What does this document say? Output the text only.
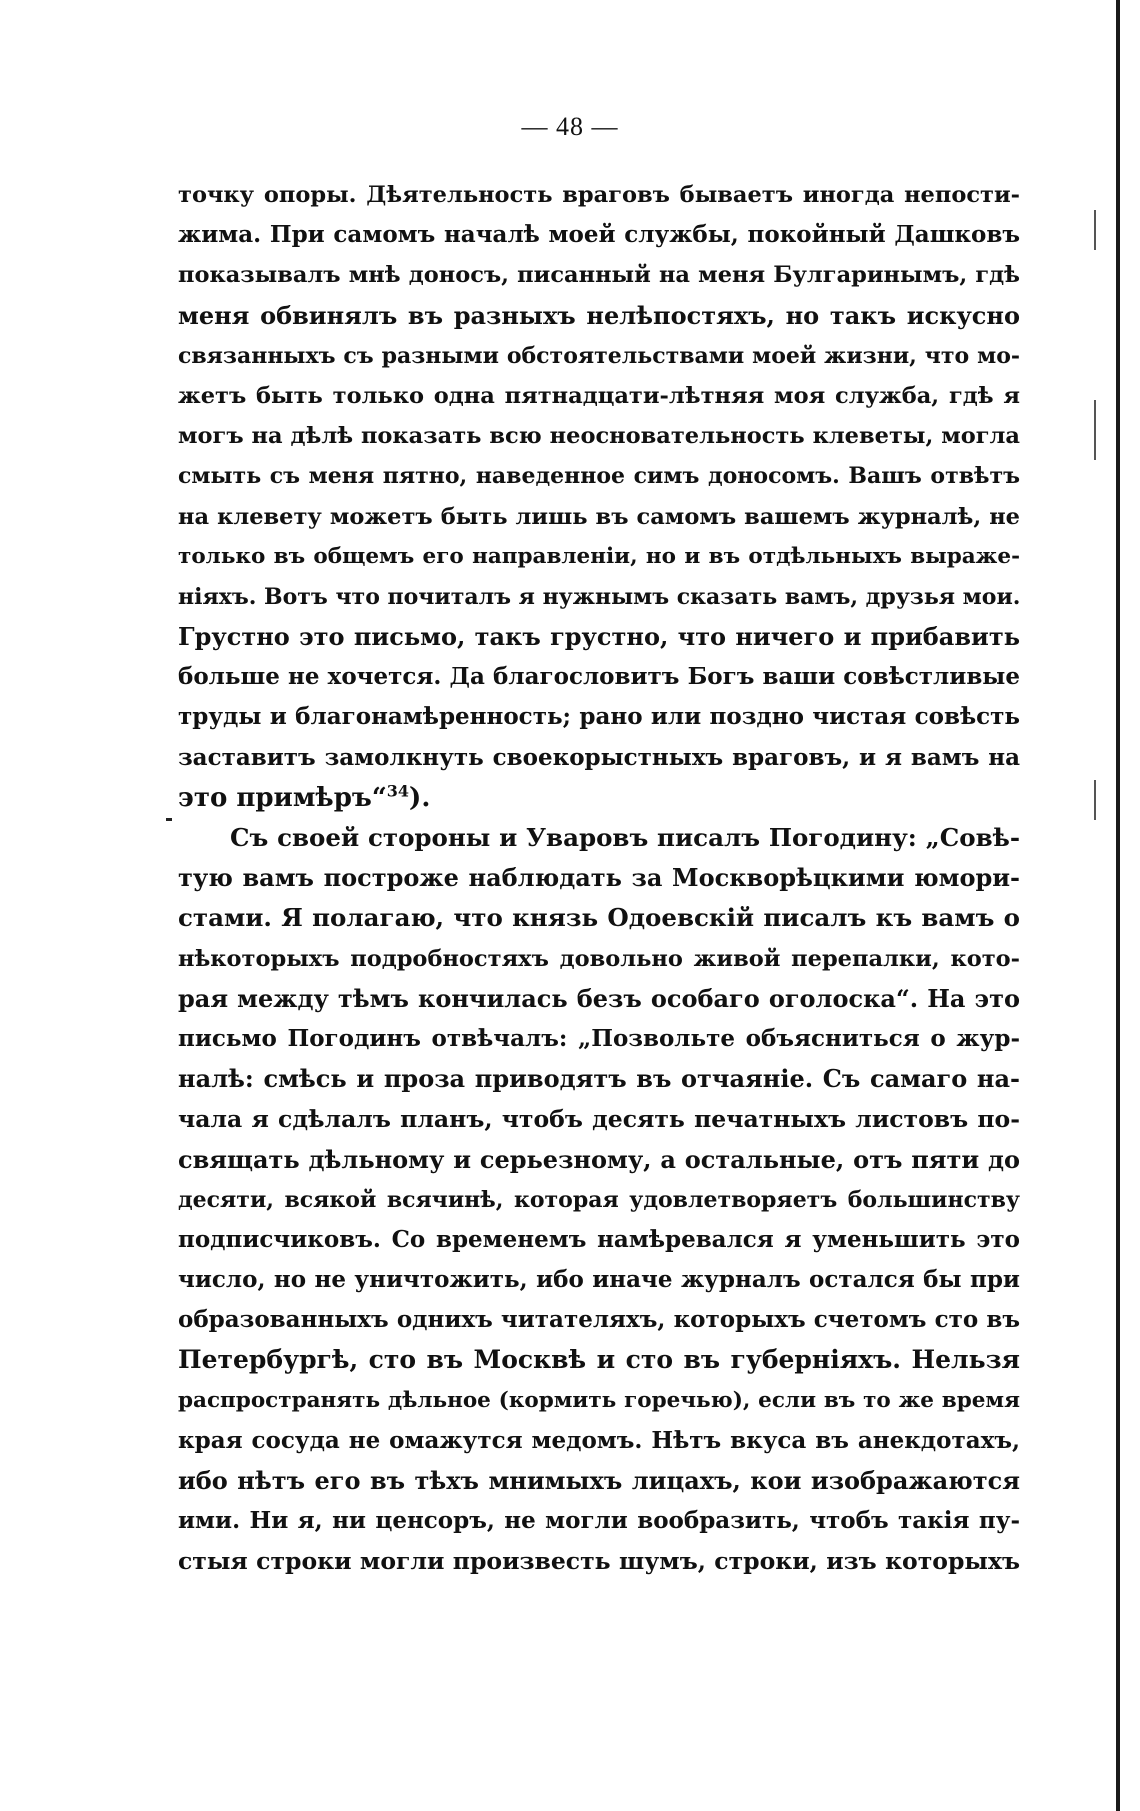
— 48 —
точку опоры. Дѣятельность враговъ бываетъ иногда непости-
жима. При самомъ началѣ моей службы, покойный Дашковъ
показывалъ мнѣ доносъ, писанный на меня Булгаринымъ, гдѣ
меня обвинялъ въ разныхъ нелѣпостяхъ, но такъ искусно
связанныхъ съ разными обстоятельствами моей жизни, что мо-
жетъ быть только одна пятнадцати-лѣтняя моя служба, гдѣ я
могъ на дѣлѣ показать всю неосновательность клеветы, могла
смыть съ меня пятно, наведенное симъ доносомъ. Вашъ отвѣтъ
на клевету можетъ быть лишь въ самомъ вашемъ журналѣ, не
только въ общемъ его направленіи, но и въ отдѣльныхъ выраже-
ніяхъ. Вотъ что почиталъ я нужнымъ сказать вамъ, друзья мои.
Грустно это письмо, такъ грустно, что ничего и прибавить
больше не хочется. Да благословитъ Богъ ваши совѣстливые
труды и благонамѣренность; рано или поздно чистая совѣсть
заставитъ замолкнуть своекорыстныхъ враговъ, и я вамъ на
это примѣръ“$^{34}$).
Съ своей стороны и Уваровъ писалъ Погодину: „Совѣ-
тую вамъ построже наблюдать за Москворѣцкими юмори-
стами. Я полагаю, что князь Одоевскій писалъ къ вамъ о
нѣкоторыхъ подробностяхъ довольно живой перепалки, кото-
рая между тѣмъ кончилась безъ особаго оголоска“. На это
письмо Погодинъ отвѣчалъ: „Позвольте объясниться о жур-
налѣ: смѣсь и проза приводятъ въ отчаяніе. Съ самаго на-
чала я сдѣлалъ планъ, чтобъ десять печатныхъ листовъ по-
свящать дѣльному и серьезному, а остальные, отъ пяти до
десяти, всякой всячинѣ, которая удовлетворяетъ большинству
подписчиковъ. Со временемъ намѣревался я уменьшить это
число, но не уничтожить, ибо иначе журналъ остался бы при
образованныхъ однихъ читателяхъ, которыхъ счетомъ сто въ
Петербургѣ, сто въ Москвѣ и сто въ губерніяхъ. Нельзя
распространять дѣльное (кормить горечью), если въ то же время
края сосуда не омажутся медомъ. Нѣтъ вкуса въ анекдотахъ,
ибо нѣтъ его въ тѣхъ мнимыхъ лицахъ, кои изображаются
ими. Ни я, ни ценсоръ, не могли вообразить, чтобъ такія пу-
стыя строки могли произвесть шумъ, строки, изъ которыхъ
